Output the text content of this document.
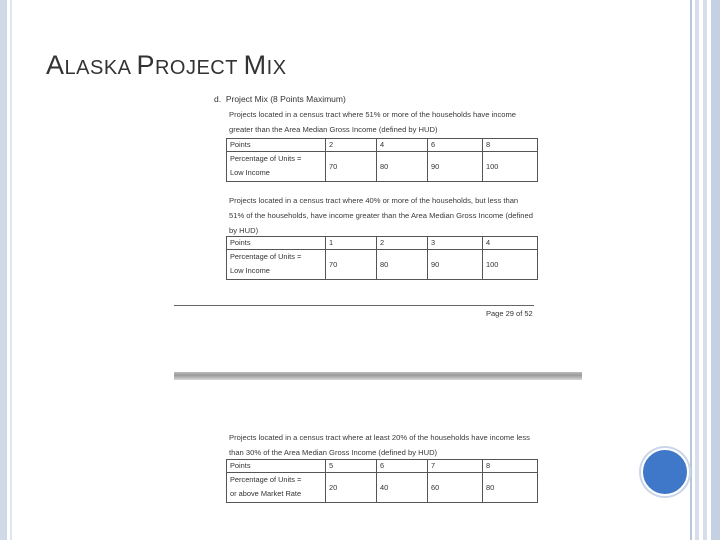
ALASKA PROJECT MIX
d. Project Mix (8 Points Maximum)
Projects located in a census tract where 51% or more of the households have income greater than the Area Median Gross Income (defined by HUD)
Points	2	4	6	8
Percentage of Units =
Low Income	70	80	90	100
Projects located in a census tract where 40% or more of the households, but less than 51% of the households, have income greater than the Area Median Gross Income (defined by HUD)
Points	1	2	3	4
Percentage of Units =
Low Income	70	80	90	100
Page 29 of 52
Projects located in a census tract where at least 20% of the households have income less than 30% of the Area Median Gross Income (defined by HUD)
Points	5	6	7	8
Percentage of Units =
or above Market Rate	20	40	60	80
